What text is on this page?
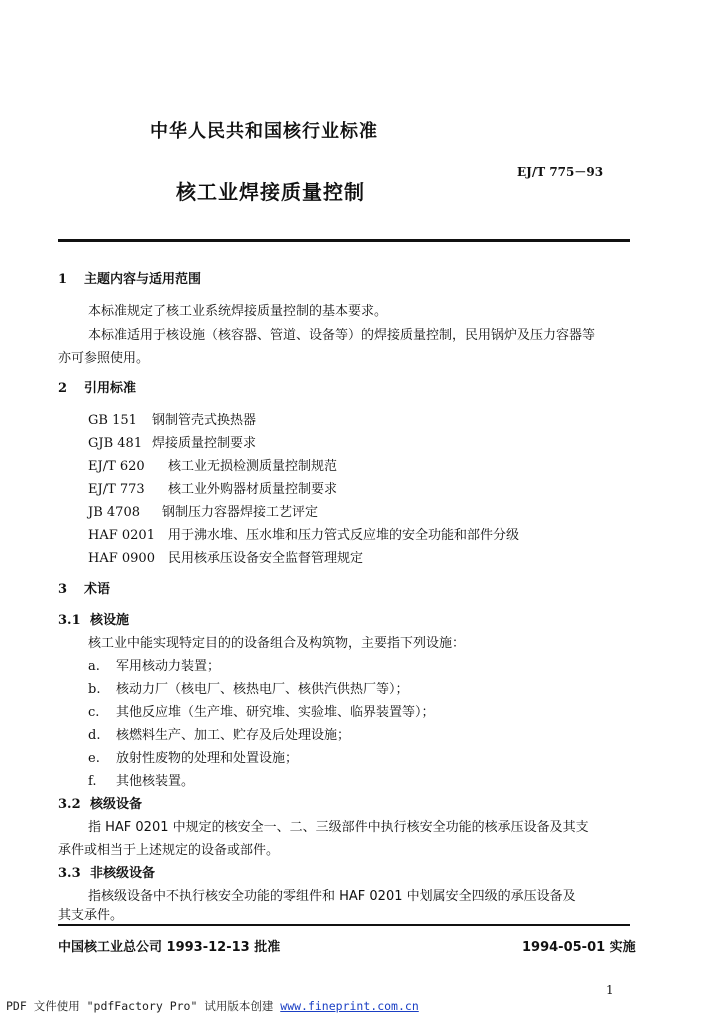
中华人民共和国核行业标准
EJ/T 775－93
核工业焊接质量控制
1 主题内容与适用范围
本标准规定了核工业系统焊接质量控制的基本要求。
本标准适用于核设施（核容器、管道、设备等）的焊接质量控制，民用锅炉及压力容器等
亦可参照使用。
2 引用标准
GB 151 钢制管壳式换热器
GJB 481 焊接质量控制要求
EJ/T 620 核工业无损检测质量控制规范
EJ/T 773 核工业外购器材质量控制要求
JB 4708 钢制压力容器焊接工艺评定
HAF 0201 用于沸水堆、压水堆和压力管式反应堆的安全功能和部件分级
HAF 0900 民用核承压设备安全监督管理规定
3 术语
3.1 核设施
核工业中能实现特定目的的设备组合及构筑物，主要指下列设施：
a. 军用核动力装置；
b. 核动力厂（核电厂、核热电厂、核供汽供热厂等）；
c. 其他反应堆（生产堆、研究堆、实验堆、临界装置等）；
d. 核燃料生产、加工、贮存及后处理设施；
e. 放射性废物的处理和处置设施；
f. 其他核装置。
3.2 核级设备
指 HAF 0201 中规定的核安全一、二、三级部件中执行核安全功能的核承压设备及其支
承件或相当于上述规定的设备或部件。
3.3 非核级设备
指核级设备中不执行核安全功能的零组件和 HAF 0201 中划属安全四级的承压设备及
其支承件。
中国核工业总公司 1993-12-13 批准	1994-05-01 实施
1
PDF 文件使用 "pdfFactory Pro" 试用版本创建 www.fineprint.com.cn
